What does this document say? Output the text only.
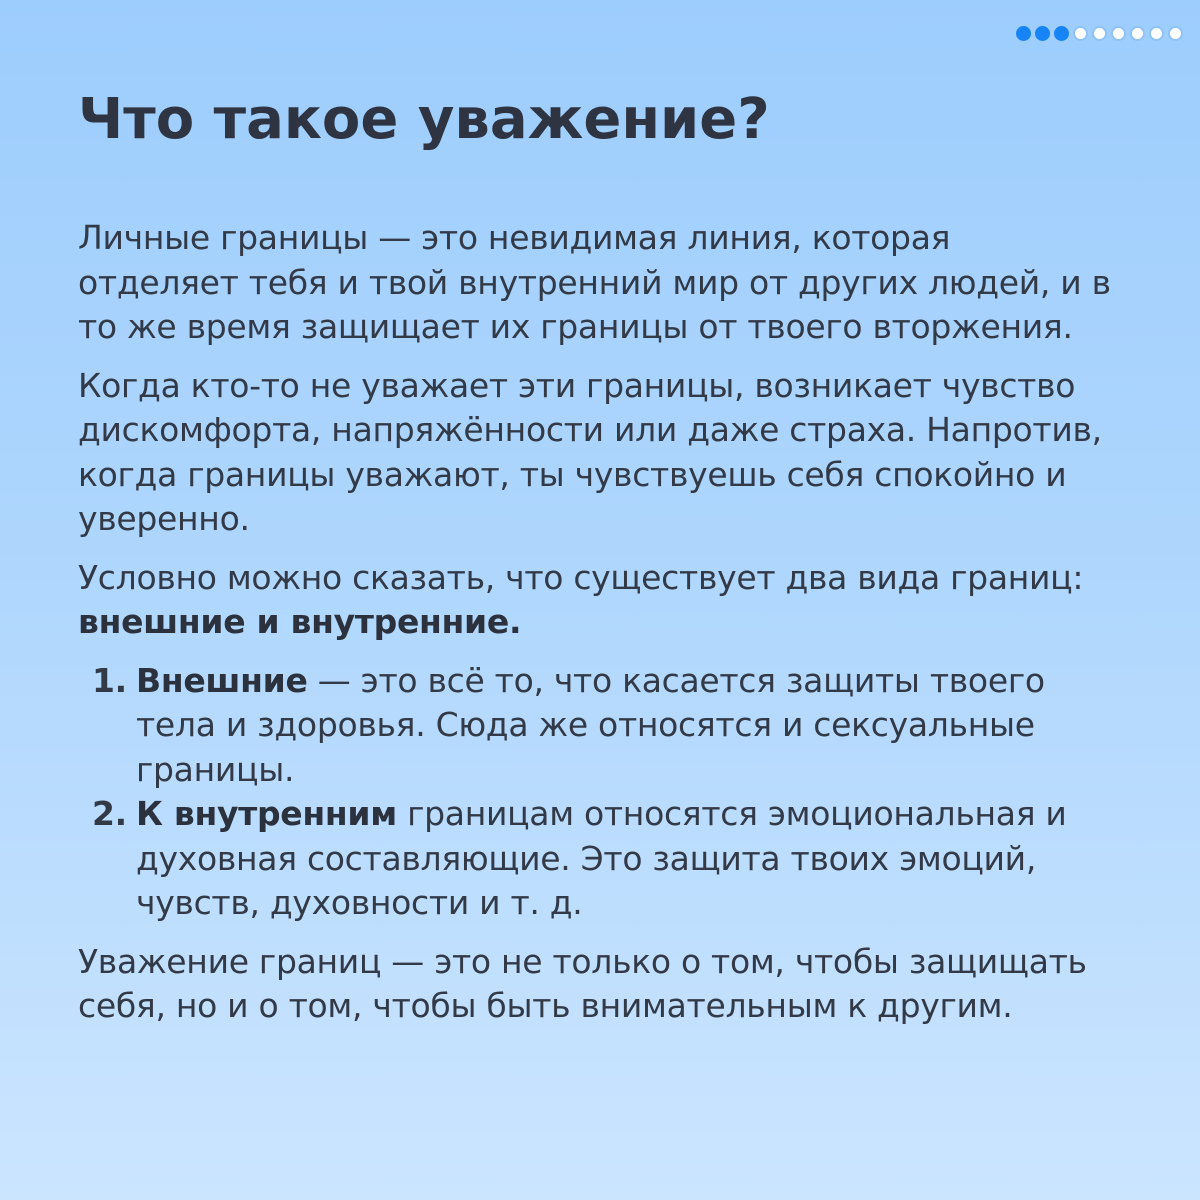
Что такое уважение?

Личные границы — это невидимая линия, которая отделяет тебя и твой внутренний мир от других людей, и в то же время защищает их границы от твоего вторжения.

Когда кто-то не уважает эти границы, возникает чувство дискомфорта, напряжённости или даже страха. Напротив, когда границы уважают, ты чувствуешь себя спокойно и уверенно.

Условно можно сказать, что существует два вида границ: внешние и внутренние.

1. Внешние — это всё то, что касается защиты твоего тела и здоровья. Сюда же относятся и сексуальные границы.
2. К внутренним границам относятся эмоциональная и духовная составляющие. Это защита твоих эмоций, чувств, духовности и т. д.

Уважение границ — это не только о том, чтобы защищать себя, но и о том, чтобы быть внимательным к другим.
